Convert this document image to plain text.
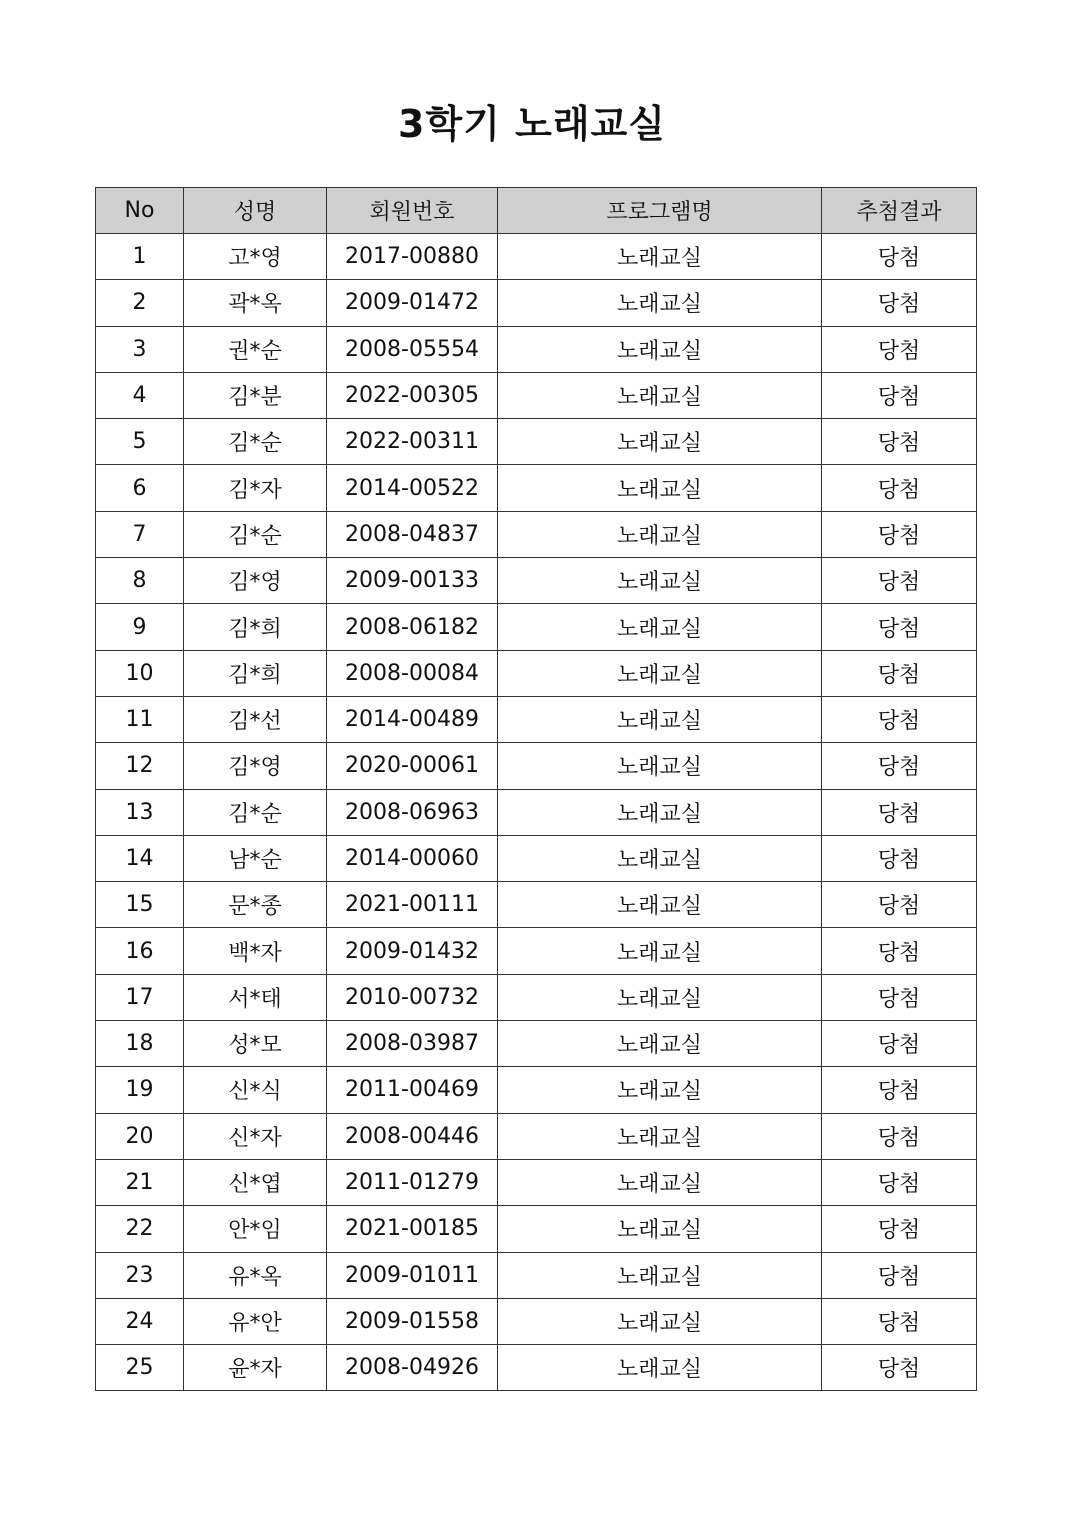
3학기 노래교실
No	성명	회원번호	프로그램명	추첨결과
1	고*영	2017-00880	노래교실	당첨
2	곽*옥	2009-01472	노래교실	당첨
3	권*순	2008-05554	노래교실	당첨
4	김*분	2022-00305	노래교실	당첨
5	김*순	2022-00311	노래교실	당첨
6	김*자	2014-00522	노래교실	당첨
7	김*순	2008-04837	노래교실	당첨
8	김*영	2009-00133	노래교실	당첨
9	김*희	2008-06182	노래교실	당첨
10	김*희	2008-00084	노래교실	당첨
11	김*선	2014-00489	노래교실	당첨
12	김*영	2020-00061	노래교실	당첨
13	김*순	2008-06963	노래교실	당첨
14	남*순	2014-00060	노래교실	당첨
15	문*종	2021-00111	노래교실	당첨
16	백*자	2009-01432	노래교실	당첨
17	서*태	2010-00732	노래교실	당첨
18	성*모	2008-03987	노래교실	당첨
19	신*식	2011-00469	노래교실	당첨
20	신*자	2008-00446	노래교실	당첨
21	신*엽	2011-01279	노래교실	당첨
22	안*임	2021-00185	노래교실	당첨
23	유*옥	2009-01011	노래교실	당첨
24	유*안	2009-01558	노래교실	당첨
25	윤*자	2008-04926	노래교실	당첨
